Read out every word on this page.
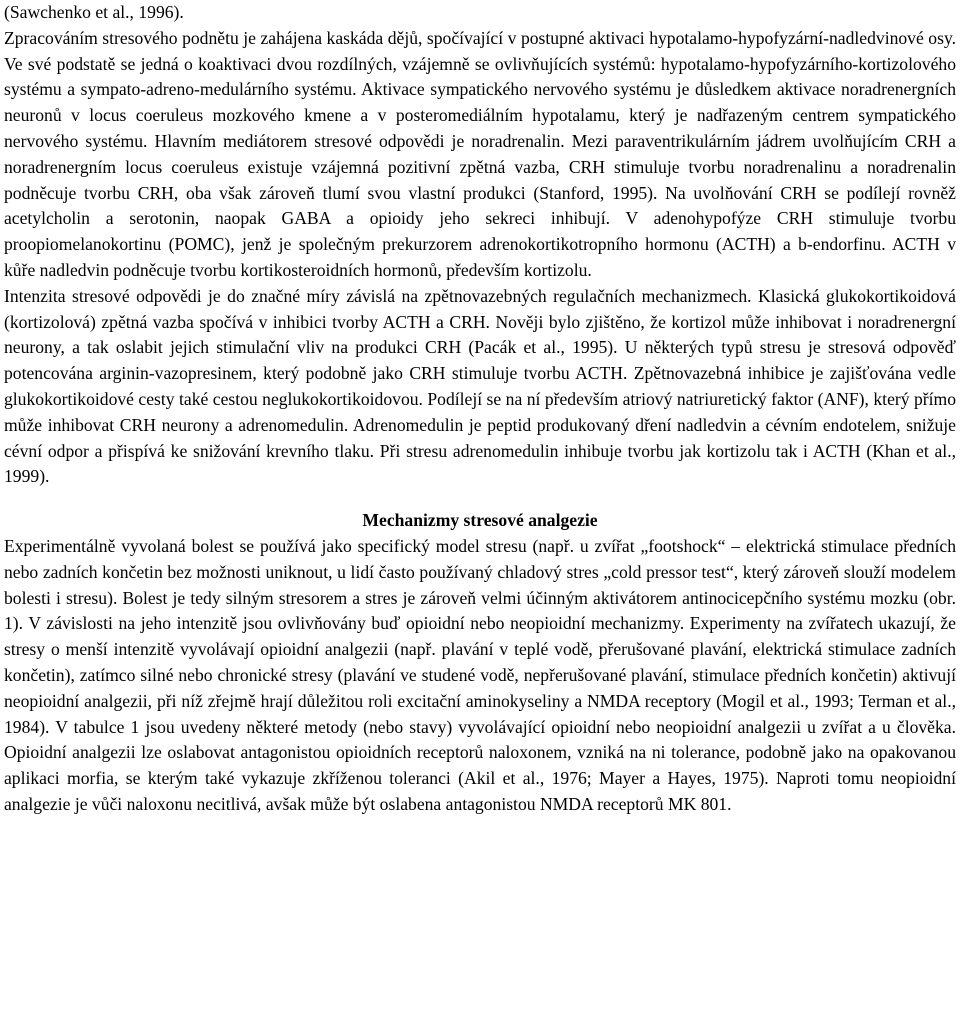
(Sawchenko et al., 1996).

Zpracováním stresového podnětu je zahájena kaskáda dějů, spočívající v postupné aktivaci hypotalamo-hypofyzární-nadledvinové osy. Ve své podstatě se jedná o koaktivaci dvou rozdílných, vzájemně se ovlivňujících systémů: hypotalamo-hypofyzárního-kortizolového systému a sympato-adreno-medulárního systému. Aktivace sympatického nervového systému je důsledkem aktivace noradrenergních neuronů v locus coeruleus mozkového kmene a v posteromediálním hypotalamu, který je nadřazeným centrem sympatického nervového systému. Hlavním mediátorem stresové odpovědi je noradrenalin. Mezi paraventrikulárním jádrem uvolňujícím CRH a noradrenergním locus coeruleus existuje vzájemná pozitivní zpětná vazba, CRH stimuluje tvorbu noradrenalinu a noradrenalin podněcuje tvorbu CRH, oba však zároveň tlumí svou vlastní produkci (Stanford, 1995). Na uvolňování CRH se podílejí rovněž acetylcholin a serotonin, naopak GABA a opioidy jeho sekreci inhibují. V adenohypofýze CRH stimuluje tvorbu proopiomelanokortinu (POMC), jenž je společným prekurzorem adrenokortikotropního hormonu (ACTH) a b-endorfinu. ACTH v kůře nadledvin podněcuje tvorbu kortikosteroidních hormonů, především kortizolu.

Intenzita stresové odpovědi je do značné míry závislá na zpětnovazebných regulačních mechanizmech. Klasická glukokortikoidová (kortizolová) zpětná vazba spočívá v inhibici tvorby ACTH a CRH. Nověji bylo zjištěno, že kortizol může inhibovat i noradrenergní neurony, a tak oslabit jejich stimulační vliv na produkci CRH (Pacák et al., 1995). U některých typů stresu je stresová odpověď potencována arginin-vazopresinem, který podobně jako CRH stimuluje tvorbu ACTH. Zpětnovazebná inhibice je zajišťována vedle glukokortikoidové cesty také cestou neglukokortikoidovou. Podílejí se na ní především atriový natriuretický faktor (ANF), který přímo může inhibovat CRH neurony a adrenomedulin. Adrenomedulin je peptid produkovaný dření nadledvin a cévním endotelem, snižuje cévní odpor a přispívá ke snižování krevního tlaku. Při stresu adrenomedulin inhibuje tvorbu jak kortizolu tak i ACTH (Khan et al., 1999).

Mechanizmy stresové analgezie

Experimentálně vyvolaná bolest se používá jako specifický model stresu (např. u zvířat „footshock“ – elektrická stimulace předních nebo zadních končetin bez možnosti uniknout, u lidí často používaný chladový stres „cold pressor test“, který zároveň slouží modelem bolesti i stresu). Bolest je tedy silným stresorem a stres je zároveň velmi účinným aktivátorem antinocicepčního systému mozku (obr. 1). V závislosti na jeho intenzitě jsou ovlivňovány buď opioidní nebo neopioidní mechanizmy. Experimenty na zvířatech ukazují, že stresy o menší intenzitě vyvolávají opioidní analgezii (např. plavání v teplé vodě, přerušované plavání, elektrická stimulace zadních končetin), zatímco silné nebo chronické stresy (plavání ve studené vodě, nepřerušované plavání, stimulace předních končetin) aktivují neopioidní analgezii, při níž zřejmě hrají důležitou roli excitační aminokyseliny a NMDA receptory (Mogil et al., 1993; Terman et al., 1984). V tabulce 1 jsou uvedeny některé metody (nebo stavy) vyvolávající opioidní nebo neopioidní analgezii u zvířat a u člověka. Opioidní analgezii lze oslabovat antagonistou opioidních receptorů naloxonem, vzniká na ni tolerance, podobně jako na opakovanou aplikaci morfia, se kterým také vykazuje zkříženou toleranci (Akil et al., 1976; Mayer a Hayes, 1975). Naproti tomu neopioidní analgezie je vůči naloxonu necitlivá, avšak může být oslabena antagonistou NMDA receptorů MK 801.
